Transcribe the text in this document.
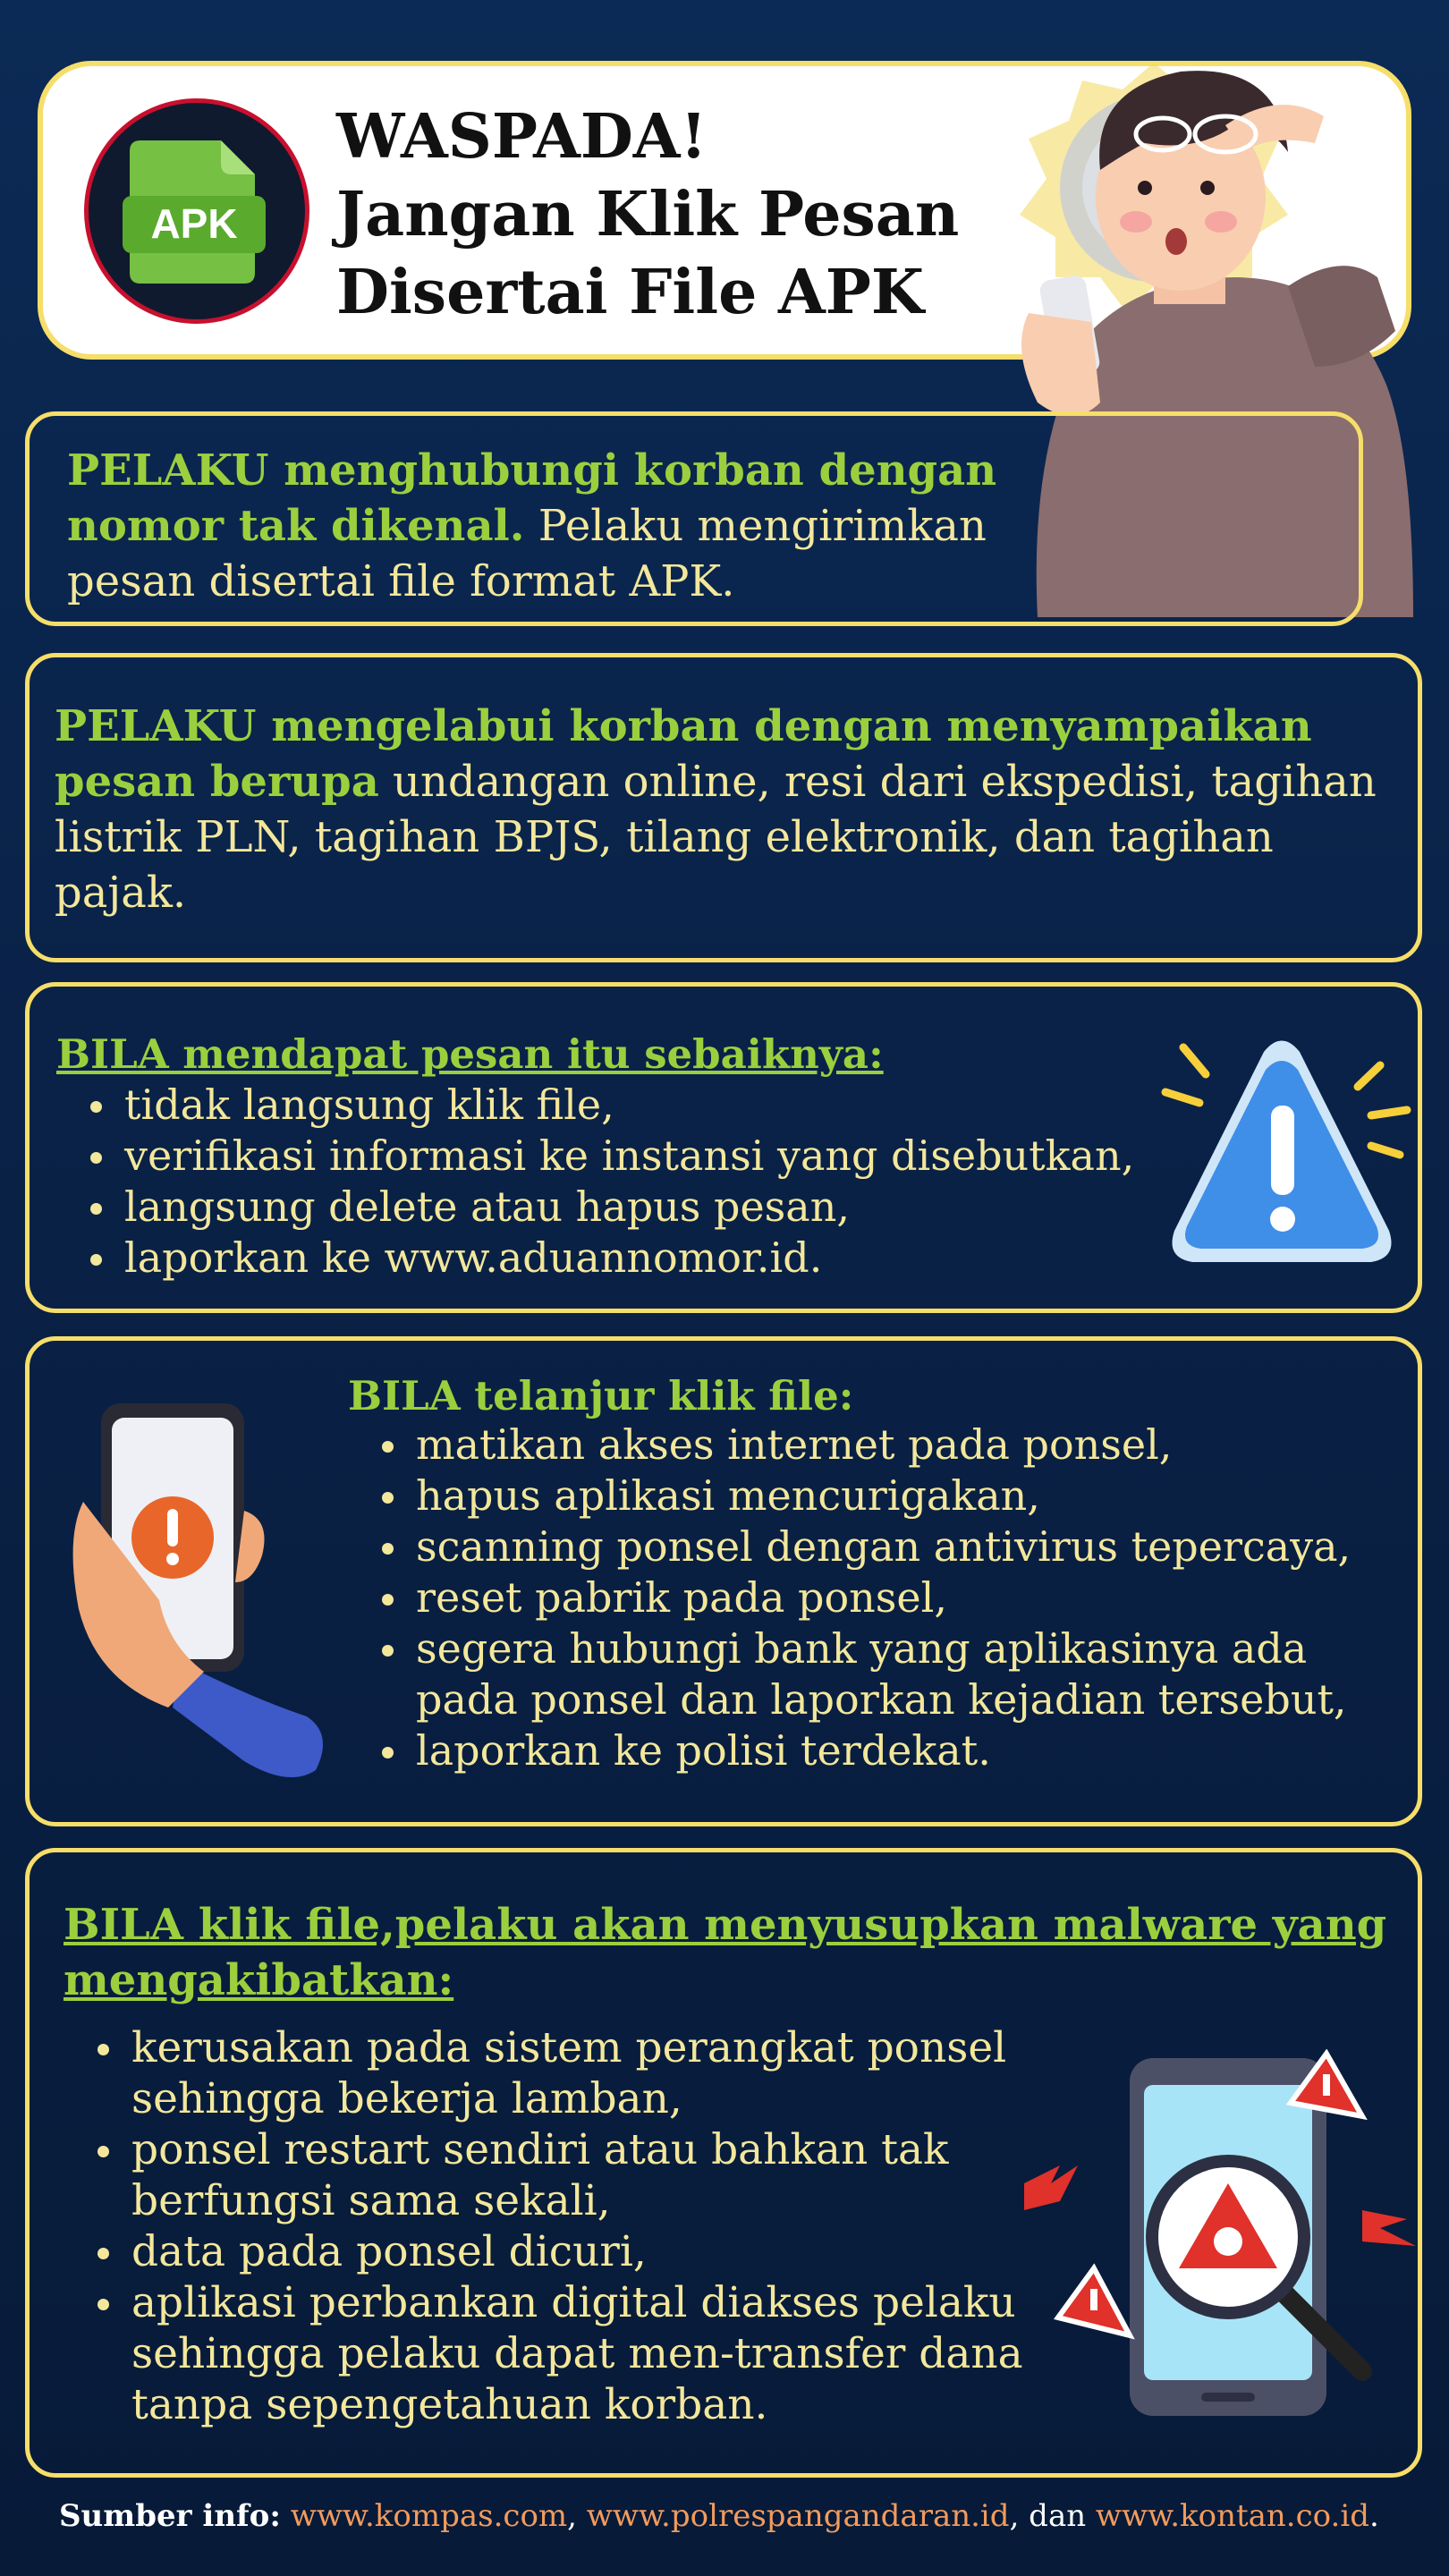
APK
WASPADA!
Jangan Klik Pesan
Disertai File APK

PELAKU menghubungi korban dengan nomor tak dikenal. Pelaku mengirimkan pesan disertai file format APK.

PELAKU mengelabui korban dengan menyampaikan pesan berupa undangan online, resi dari ekspedisi, tagihan listrik PLN, tagihan BPJS, tilang elektronik, dan tagihan pajak.

BILA mendapat pesan itu sebaiknya:
tidak langsung klik file,
verifikasi informasi ke instansi yang disebutkan,
langsung delete atau hapus pesan,
laporkan ke www.aduannomor.id.
BILA telanjur klik file:
matikan akses internet pada ponsel,
hapus aplikasi mencurigakan,
scanning ponsel dengan antivirus tepercaya,
reset pabrik pada ponsel,
segera hubungi bank yang aplikasinya ada pada ponsel dan laporkan kejadian tersebut,
laporkan ke polisi terdekat.
BILA klik file,pelaku akan menyusupkan malware yang mengakibatkan:
kerusakan pada sistem perangkat ponsel sehingga bekerja lamban,
ponsel restart sendiri atau bahkan tak berfungsi sama sekali,
data pada ponsel dicuri,
aplikasi perbankan digital diakses pelaku sehingga pelaku dapat men-transfer dana tanpa sepengetahuan korban.
Sumber info: www.kompas.com, www.polrespangandaran.id, dan www.kontan.co.id.
